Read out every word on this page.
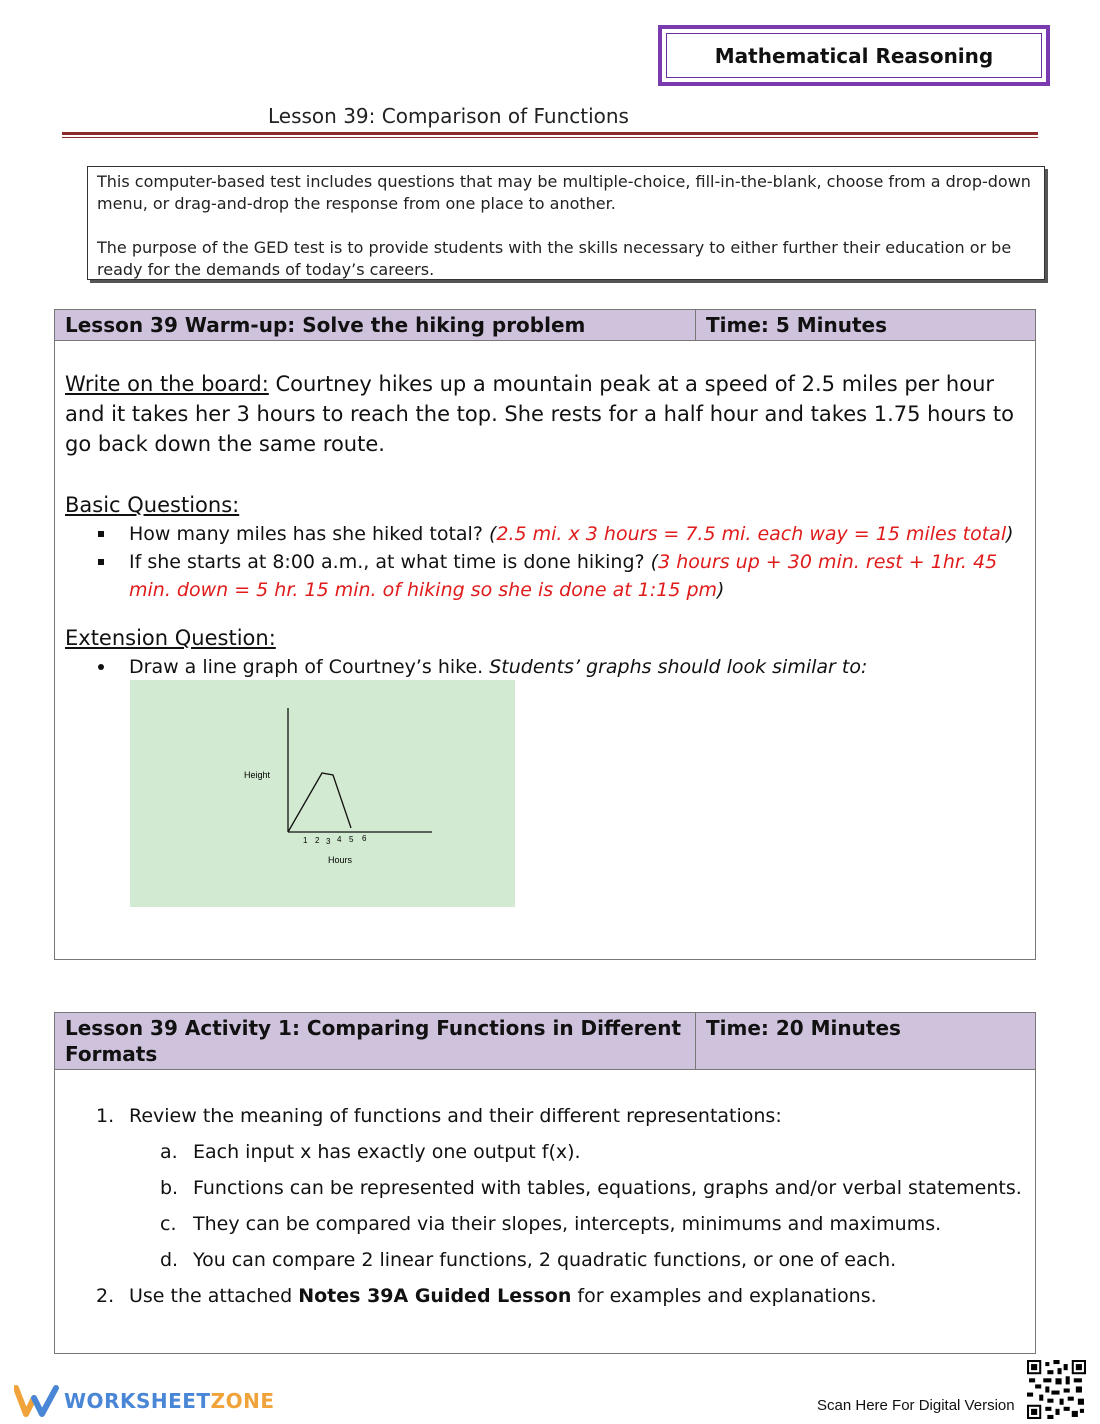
Mathematical Reasoning
Lesson 39: Comparison of Functions

This computer-based test includes questions that may be multiple-choice, fill-in-the-blank, choose from a drop-down menu, or drag-and-drop the response from one place to another.

The purpose of the GED test is to provide students with the skills necessary to either further their education or be ready for the demands of today’s careers.

Lesson 39 Warm-up: Solve the hiking problem	Time: 5 Minutes

Write on the board: Courtney hikes up a mountain peak at a speed of 2.5 miles per hour and it takes her 3 hours to reach the top. She rests for a half hour and takes 1.75 hours to go back down the same route.

Basic Questions:

How many miles has she hiked total? (2.5 mi. x 3 hours = 7.5 mi. each way = 15 miles total)
If she starts at 8:00 a.m., at what time is done hiking? (3 hours up + 30 min. rest + 1hr. 45 min. down = 5 hr. 15 min. of hiking so she is done at 1:15 pm)

Extension Question:

Draw a line graph of Courtney’s hike. Students’ graphs should look similar to:
Height
Hours
1 2 3 4 5 6
Lesson 39 Activity 1: Comparing Functions in Different Formats
Time: 20 Minutes
1. Review the meaning of functions and their different representations:
a. Each input x has exactly one output f(x).
b. Functions can be represented with tables, equations, graphs and/or verbal statements.
c. They can be compared via their slopes, intercepts, minimums and maximums.
d. You can compare 2 linear functions, 2 quadratic functions, or one of each.
2. Use the attached Notes 39A Guided Lesson for examples and explanations.
WORKSHEETZONE	Scan Here For Digital Version
